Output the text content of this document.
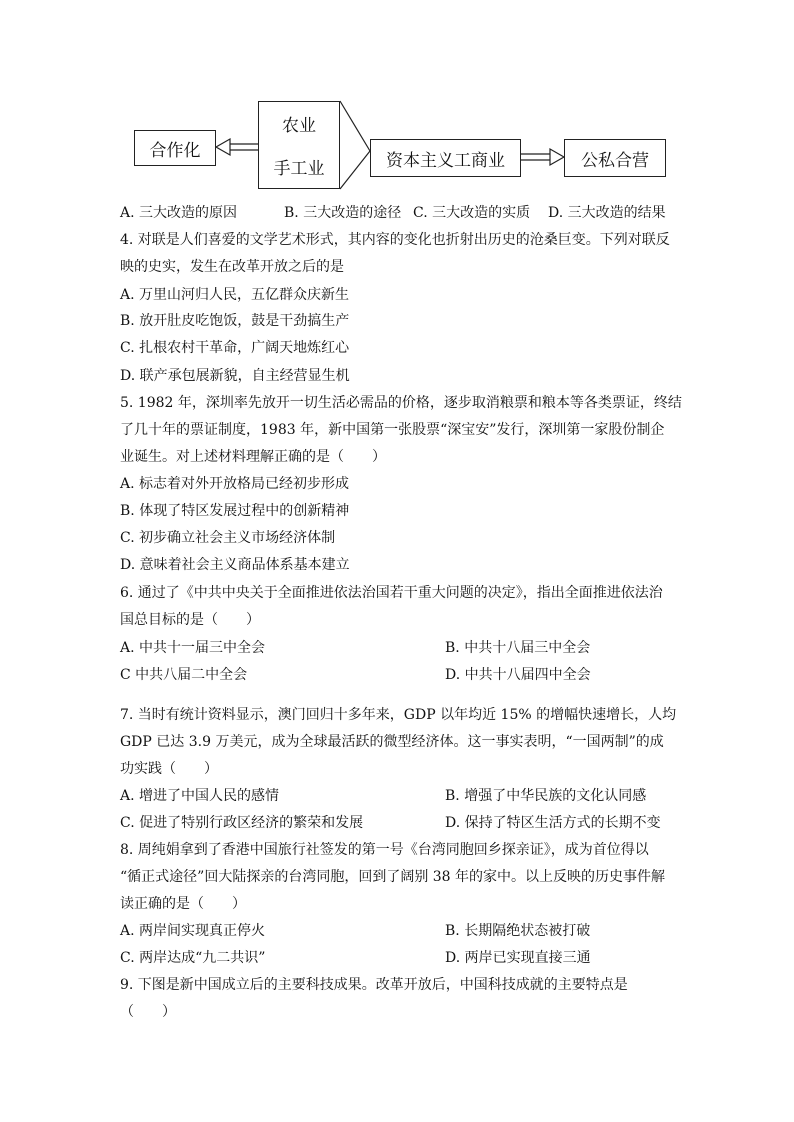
合作化
农业
手工业	资本主义工商业	公私合营
A. 三大改造的原因	B. 三大改造的途径 C. 三大改造的实质 D. 三大改造的结果
4. 对联是人们喜爱的文学艺术形式，其内容的变化也折射出历史的沧桑巨变。下列对联反
映的史实，发生在改革开放之后的是
A. 万里山河归人民，五亿群众庆新生
B. 放开肚皮吃饱饭，鼓是干劲搞生产
C. 扎根农村干革命，广阔天地炼红心
D. 联产承包展新貌，自主经营显生机
5. 1982 年，深圳率先放开一切生活必需品的价格，逐步取消粮票和粮本等各类票证，终结
了几十年的票证制度，1983 年，新中国第一张股票“深宝安”发行，深圳第一家股份制企
业诞生。对上述材料理解正确的是（　　）
A. 标志着对外开放格局已经初步形成
B. 体现了特区发展过程中的创新精神
C. 初步确立社会主义市场经济体制
D. 意味着社会主义商品体系基本建立
6. 通过了《中共中央关于全面推进依法治国若干重大问题的决定》，指出全面推进依法治
国总目标的是（　　）
A. 中共十一届三中全会	B. 中共十八届三中全会
C 中共八届二中全会	D. 中共十八届四中全会
7. 当时有统计资料显示，澳门回归十多年来，GDP 以年均近 15% 的增幅快速增长，人均
GDP 已达 3.9 万美元，成为全球最活跃的微型经济体。这一事实表明，“一国两制”的成
功实践（　　）
A. 增进了中国人民的感情	B. 增强了中华民族的文化认同感
C. 促进了特别行政区经济的繁荣和发展	D. 保持了特区生活方式的长期不变
8. 周纯娟拿到了香港中国旅行社签发的第一号《台湾同胞回乡探亲证》，成为首位得以
“循正式途径”回大陆探亲的台湾同胞，回到了阔别 38 年的家中。以上反映的历史事件解
读正确的是（　　）
A. 两岸间实现真正停火	B. 长期隔绝状态被打破
C. 两岸达成“九二共识”	D. 两岸已实现直接三通
9. 下图是新中国成立后的主要科技成果。改革开放后，中国科技成就的主要特点是
（　　）
